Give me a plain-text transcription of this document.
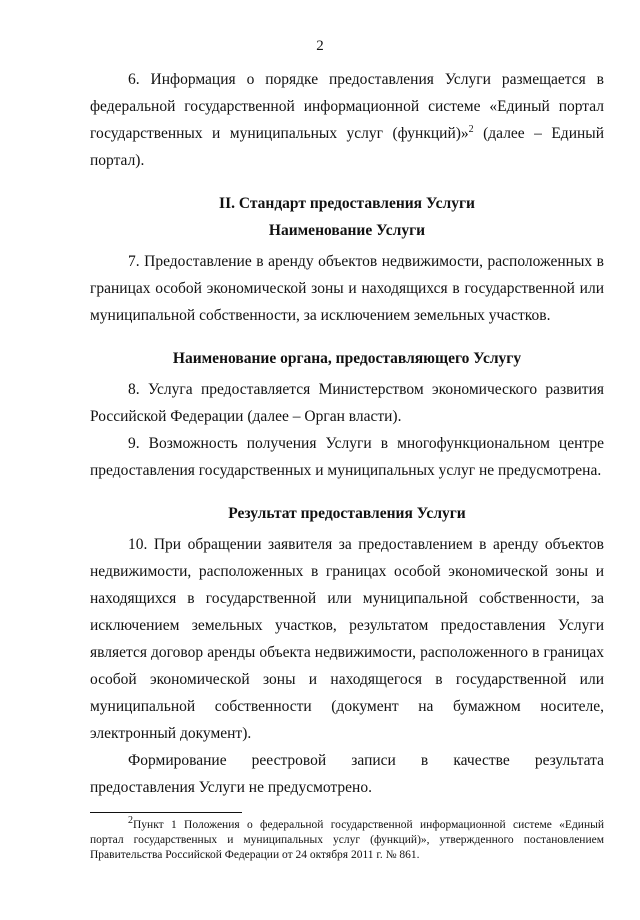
2

6. Информация о порядке предоставления Услуги размещается в федеральной государственной информационной системе «Единый портал государственных и муниципальных услуг (функций)»$^2$ (далее – Единый портал).

II. Стандарт предоставления Услуги
Наименование Услуги

7. Предоставление в аренду объектов недвижимости, расположенных в границах особой экономической зоны и находящихся в государственной или муниципальной собственности, за исключением земельных участков.

Наименование органа, предоставляющего Услугу

8. Услуга предоставляется Министерством экономического развития Российской Федерации (далее – Орган власти).

9. Возможность получения Услуги в многофункциональном центре предоставления государственных и муниципальных услуг не предусмотрена.

Результат предоставления Услуги

10. При обращении заявителя за предоставлением в аренду объектов недвижимости, расположенных в границах особой экономической зоны и находящихся в государственной или муниципальной собственности, за исключением земельных участков, результатом предоставления Услуги является договор аренды объекта недвижимости, расположенного в границах особой экономической зоны и находящегося в государственной или муниципальной собственности (документ на бумажном носителе, электронный документ).

Формирование реестровой записи в качестве результата предоставления Услуги не предусмотрено.

$^2$Пункт 1 Положения о федеральной государственной информационной системе «Единый портал государственных и муниципальных услуг (функций)», утвержденного постановлением Правительства Российской Федерации от 24 октября 2011 г. № 861.
